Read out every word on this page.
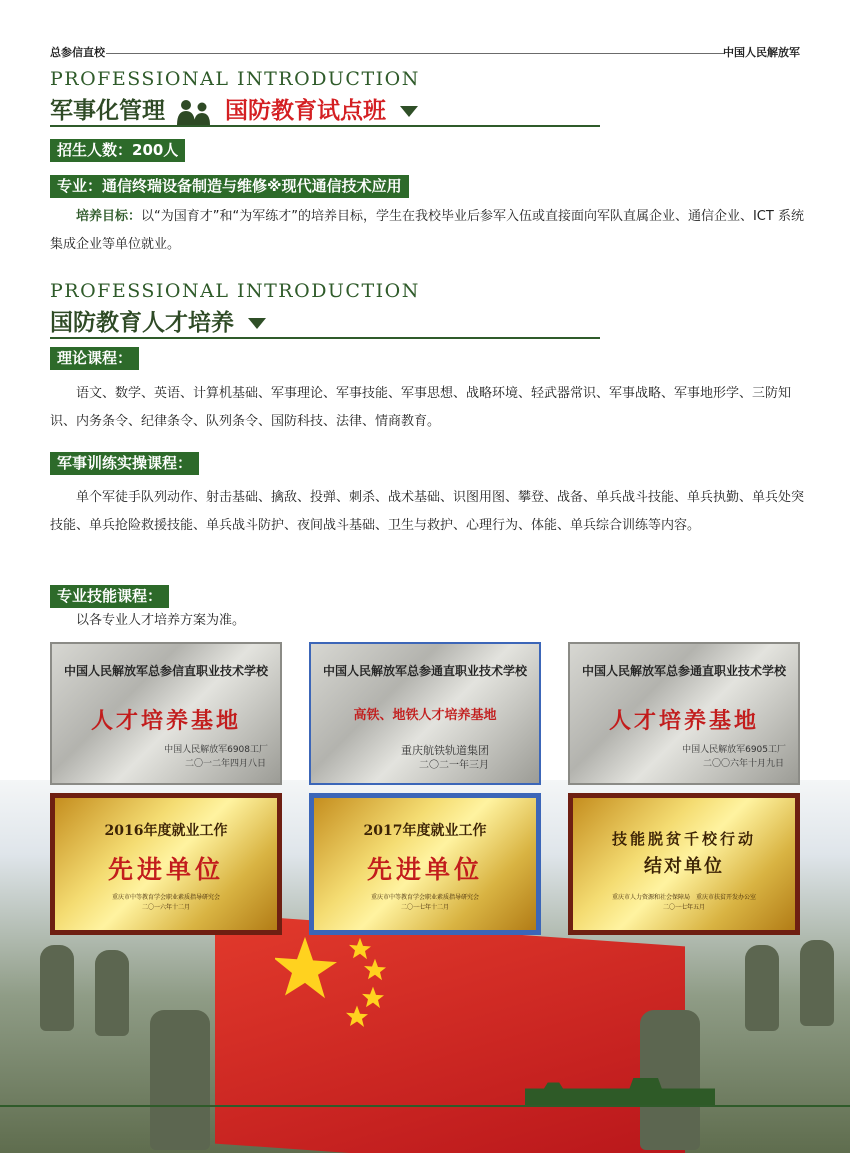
总参信直校	中国人民解放军
PROFESSIONAL INTRODUCTION
军事化管理	国防教育试点班
招生人数：200人
专业：通信终瑞设备制造与维修※现代通信技术应用
培养目标：以“为国育才”和“为军练才”的培养目标，学生在我校毕业后参军入伍或直接面向军队直属企业、通信企业、ICT 系统集成企业等单位就业。
PROFESSIONAL INTRODUCTION
国防教育人才培养
理论课程：
语文、数学、英语、计算机基础、军事理论、军事技能、军事思想、战略环境、轻武器常识、军事战略、军事地形学、三防知识、内务条令、纪律条令、队列条令、国防科技、法律、情商教育。
军事训练实操课程：
单个军徒手队列动作、射击基础、擒敌、投弹、刺杀、战术基础、识图用图、攀登、战备、单兵战斗技能、单兵执勤、单兵处突技能、单兵抢险救援技能、单兵战斗防护、夜间战斗基础、卫生与救护、心理行为、体能、单兵综合训练等内容。
专业技能课程：
以各专业人才培养方案为准。
中国人民解放军总参信直职业技术学校
人才培养基地
中国人民解放军6908工厂
二〇一二年四月八日
中国人民解放军总参通直职业技术学校
高铁、地铁人才培养基地
重庆航铁轨道集团
二〇二一年三月
中国人民解放军总参通直职业技术学校
人才培养基地
中国人民解放军6905工厂
二〇〇六年十月九日
2016年度就业工作
先进单位
重庆市中等教育学会职业素质指导研究会
二〇一六年十二月
2017年度就业工作
先进单位
重庆市中等教育学会职业素质指导研究会
二〇一七年十二月
技能脱贫千校行动
结对单位
重庆市人力资源和社会保障局　重庆市扶贫开发办公室
二〇一七年五月
